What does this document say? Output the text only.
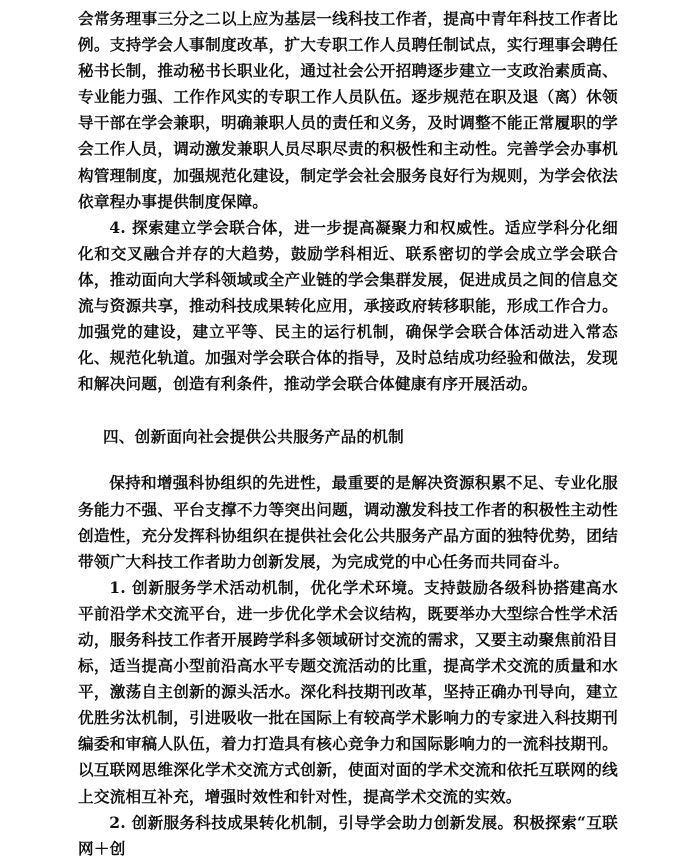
会常务理事三分之二以上应为基层一线科技工作者，提高中青年科技工作者比例。支持学会人事制度改革，扩大专职工作人员聘任制试点，实行理事会聘任秘书长制，推动秘书长职业化，通过社会公开招聘逐步建立一支政治素质高、专业能力强、工作作风实的专职工作人员队伍。逐步规范在职及退（离）休领导干部在学会兼职，明确兼职人员的责任和义务，及时调整不能正常履职的学会工作人员，调动激发兼职人员尽职尽责的积极性和主动性。完善学会办事机构管理制度，加强规范化建设，制定学会社会服务良好行为规则，为学会依法依章程办事提供制度保障。

4. 探索建立学会联合体，进一步提高凝聚力和权威性。适应学科分化细化和交叉融合并存的大趋势，鼓励学科相近、联系密切的学会成立学会联合体，推动面向大学科领域或全产业链的学会集群发展，促进成员之间的信息交流与资源共享，推动科技成果转化应用，承接政府转移职能，形成工作合力。加强党的建设，建立平等、民主的运行机制，确保学会联合体活动进入常态化、规范化轨道。加强对学会联合体的指导，及时总结成功经验和做法，发现和解决问题，创造有利条件，推动学会联合体健康有序开展活动。

四、创新面向社会提供公共服务产品的机制

保持和增强科协组织的先进性，最重要的是解决资源积累不足、专业化服务能力不强、平台支撑不力等突出问题，调动激发科技工作者的积极性主动性创造性，充分发挥科协组织在提供社会化公共服务产品方面的独特优势，团结带领广大科技工作者助力创新发展，为完成党的中心任务而共同奋斗。

1. 创新服务学术活动机制，优化学术环境。支持鼓励各级科协搭建高水平前沿学术交流平台，进一步优化学术会议结构，既要举办大型综合性学术活动，服务科技工作者开展跨学科多领域研讨交流的需求，又要主动聚焦前沿目标，适当提高小型前沿高水平专题交流活动的比重，提高学术交流的质量和水平，激荡自主创新的源头活水。深化科技期刊改革，坚持正确办刊导向，建立优胜劣汰机制，引进吸收一批在国际上有较高学术影响力的专家进入科技期刊编委和审稿人队伍，着力打造具有核心竞争力和国际影响力的一流科技期刊。以互联网思维深化学术交流方式创新，使面对面的学术交流和依托互联网的线上交流相互补充，增强时效性和针对性，提高学术交流的实效。

2. 创新服务科技成果转化机制，引导学会助力创新发展。积极探索“互联网＋创
